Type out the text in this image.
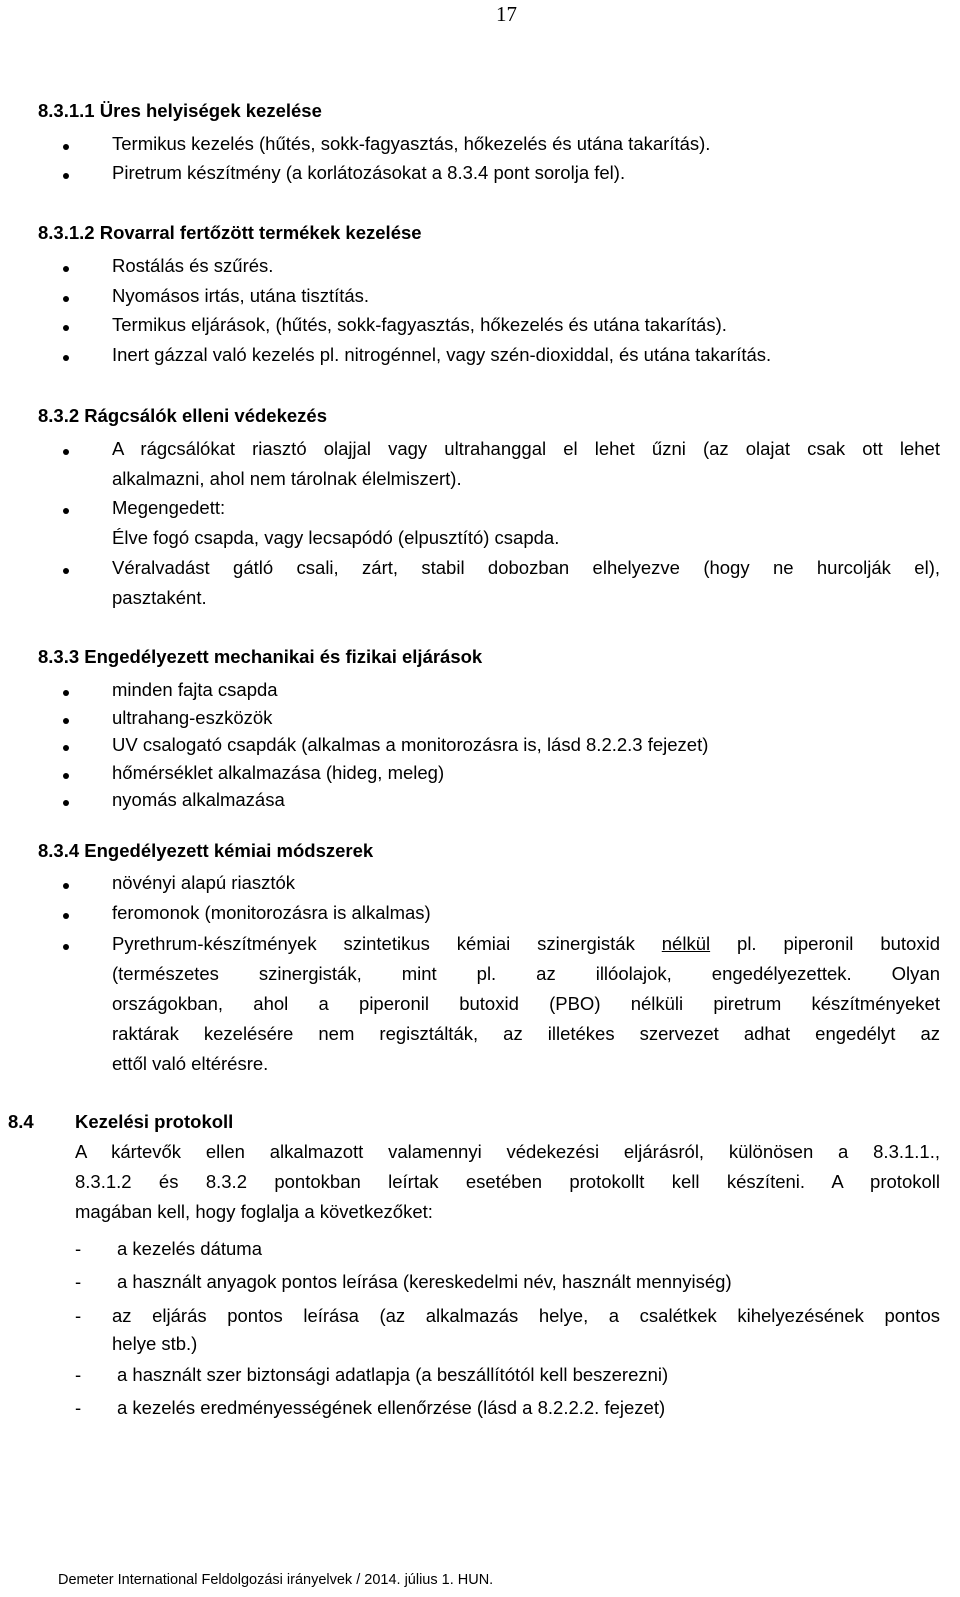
17
8.3.1.1 Üres helyiségek kezelése
Termikus kezelés (hűtés, sokk-fagyasztás, hőkezelés és utána takarítás).
Piretrum készítmény (a korlátozásokat a 8.3.4 pont sorolja fel).
8.3.1.2 Rovarral fertőzött termékek kezelése
Rostálás és szűrés.
Nyomásos irtás, utána tisztítás.
Termikus eljárások, (hűtés, sokk-fagyasztás, hőkezelés és utána takarítás).
Inert gázzal való kezelés pl. nitrogénnel, vagy szén-dioxiddal, és utána takarítás.
8.3.2 Rágcsálók elleni védekezés
A rágcsálókat riasztó olajjal vagy ultrahanggal el lehet űzni (az olajat csak ott lehet
alkalmazni, ahol nem tárolnak élelmiszert).
Megengedett:
Élve fogó csapda, vagy lecsapódó (elpusztító) csapda.
Véralvadást gátló csali, zárt, stabil dobozban elhelyezve (hogy ne hurcolják el),
pasztaként.
8.3.3 Engedélyezett mechanikai és fizikai eljárások
minden fajta csapda
ultrahang-eszközök
UV csalogató csapdák (alkalmas a monitorozásra is, lásd 8.2.2.3 fejezet)
hőmérséklet alkalmazása (hideg, meleg)
nyomás alkalmazása
8.3.4 Engedélyezett kémiai módszerek
növényi alapú riasztók
feromonok (monitorozásra is alkalmas)
Pyrethrum-készítmények szintetikus kémiai szinergisták nélkül pl. piperonil butoxid
(természetes szinergisták, mint pl. az illóolajok, engedélyezettek. Olyan
országokban, ahol a piperonil butoxid (PBO) nélküli piretrum készítményeket
raktárak kezelésére nem regisztálták, az illetékes szervezet adhat engedélyt az
ettől való eltérésre.
8.4 Kezelési protokoll
A kártevők ellen alkalmazott valamennyi védekezési eljárásról, különösen a 8.3.1.1.,
8.3.1.2 és 8.3.2 pontokban leírtak esetében protokollt kell készíteni. A protokoll
magában kell, hogy foglalja a következőket:
- a kezelés dátuma
- a használt anyagok pontos leírása (kereskedelmi név, használt mennyiség)
- az eljárás pontos leírása (az alkalmazás helye, a csalétkek kihelyezésének pontos
helye stb.)
- a használt szer biztonsági adatlapja (a beszállítótól kell beszerezni)
- a kezelés eredményességének ellenőrzése (lásd a 8.2.2.2. fejezet)
Demeter International Feldolgozási irányelvek / 2014. július 1. HUN.
